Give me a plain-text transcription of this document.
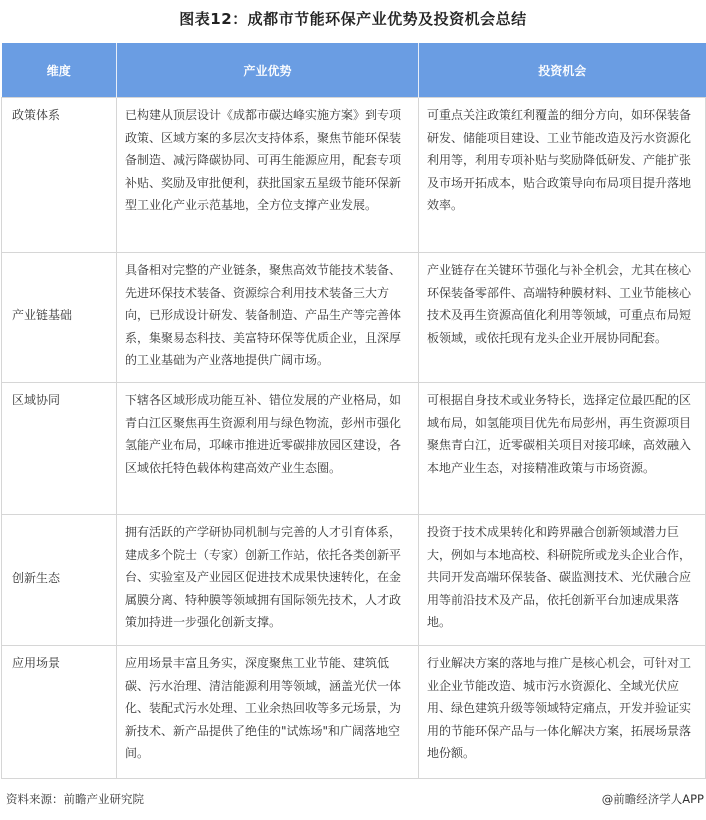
图表12：成都市节能环保产业优势及投资机会总结
维度	产业优势	投资机会
政策体系	已构建从顶层设计《成都市碳达峰实施方案》到专项政策、区域方案的多层次支持体系，聚焦节能环保装备制造、减污降碳协同、可再生能源应用，配套专项补贴、奖励及审批便利，获批国家五星级节能环保新型工业化产业示范基地，全方位支撑产业发展。	可重点关注政策红利覆盖的细分方向，如环保装备研发、储能项目建设、工业节能改造及污水资源化利用等，利用专项补贴与奖励降低研发、产能扩张及市场开拓成本，贴合政策导向布局项目提升落地效率。
产业链基础	具备相对完整的产业链条，聚焦高效节能技术装备、先进环保技术装备、资源综合利用技术装备三大方向，已形成设计研发、装备制造、产品生产等完善体系，集聚易态科技、美富特环保等优质企业，且深厚的工业基础为产业落地提供广阔市场。	产业链存在关键环节强化与补全机会，尤其在核心环保装备零部件、高端特种膜材料、工业节能核心技术及再生资源高值化利用等领域，可重点布局短板领域，或依托现有龙头企业开展协同配套。
区域协同	下辖各区域形成功能互补、错位发展的产业格局，如青白江区聚焦再生资源利用与绿色物流，彭州市强化氢能产业布局，邛崃市推进近零碳排放园区建设，各区域依托特色载体构建高效产业生态圈。	可根据自身技术或业务特长，选择定位最匹配的区域布局，如氢能项目优先布局彭州，再生资源项目聚焦青白江，近零碳相关项目对接邛崃，高效融入本地产业生态，对接精准政策与市场资源。
创新生态	拥有活跃的产学研协同机制与完善的人才引育体系，建成多个院士（专家）创新工作站，依托各类创新平台、实验室及产业园区促进技术成果快速转化，在金属膜分离、特种膜等领域拥有国际领先技术，人才政策加持进一步强化创新支撑。	投资于技术成果转化和跨界融合创新领域潜力巨大，例如与本地高校、科研院所或龙头企业合作，共同开发高端环保装备、碳监测技术、光伏融合应用等前沿技术及产品，依托创新平台加速成果落地。
应用场景	应用场景丰富且务实，深度聚焦工业节能、建筑低碳、污水治理、清洁能源利用等领域，涵盖光伏一体化、装配式污水处理、工业余热回收等多元场景，为新技术、新产品提供了绝佳的"试炼场"和广阔落地空间。	行业解决方案的落地与推广是核心机会，可针对工业企业节能改造、城市污水资源化、全域光伏应用、绿色建筑升级等领域特定痛点，开发并验证实用的节能环保产品与一体化解决方案，拓展场景落地份额。
资料来源：前瞻产业研究院	@前瞻经济学人APP
